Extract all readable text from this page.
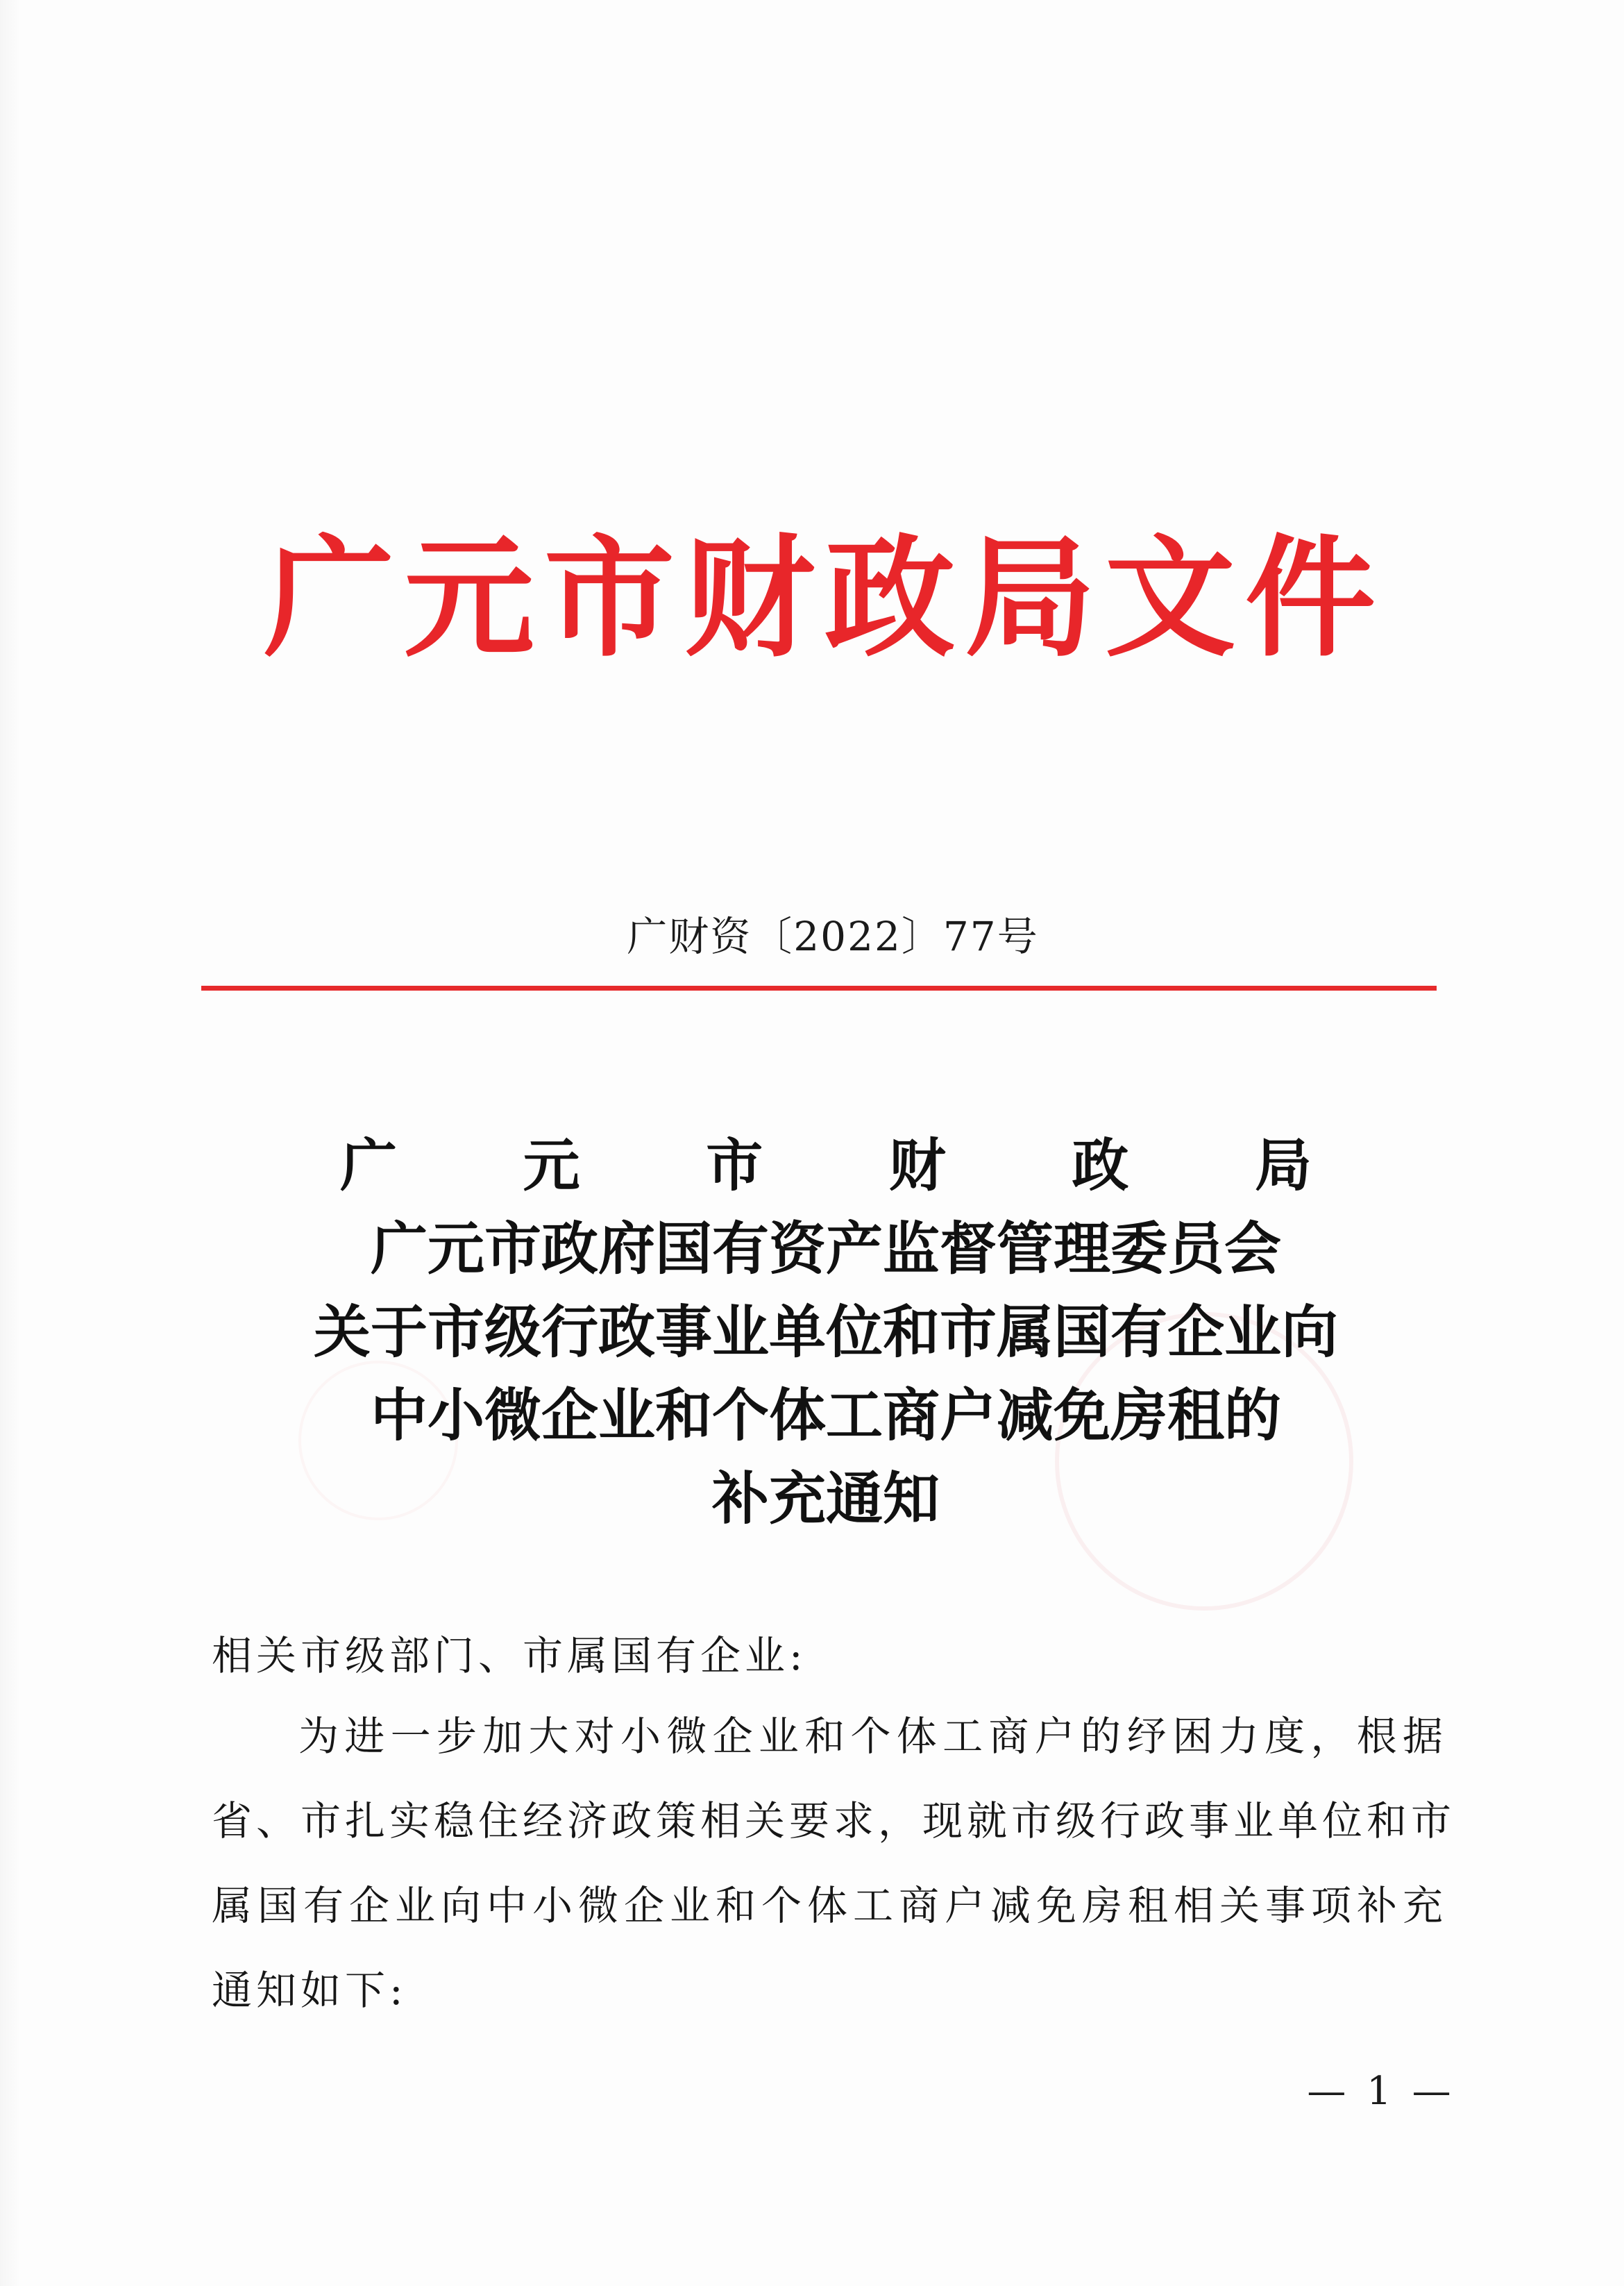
广元市财政局文件
广财资〔2022〕77号
广 元 市 财 政 局
广元市政府国有资产监督管理委员会
关于市级行政事业单位和市属国有企业向
中小微企业和个体工商户减免房租的
补充通知
相关市级部门、市属国有企业:
为进一步加大对小微企业和个体工商户的纾困力度，根据
省、市扎实稳住经济政策相关要求，现就市级行政事业单位和市
属国有企业向中小微企业和个体工商户减免房租相关事项补充
通知如下:
— 1 —
